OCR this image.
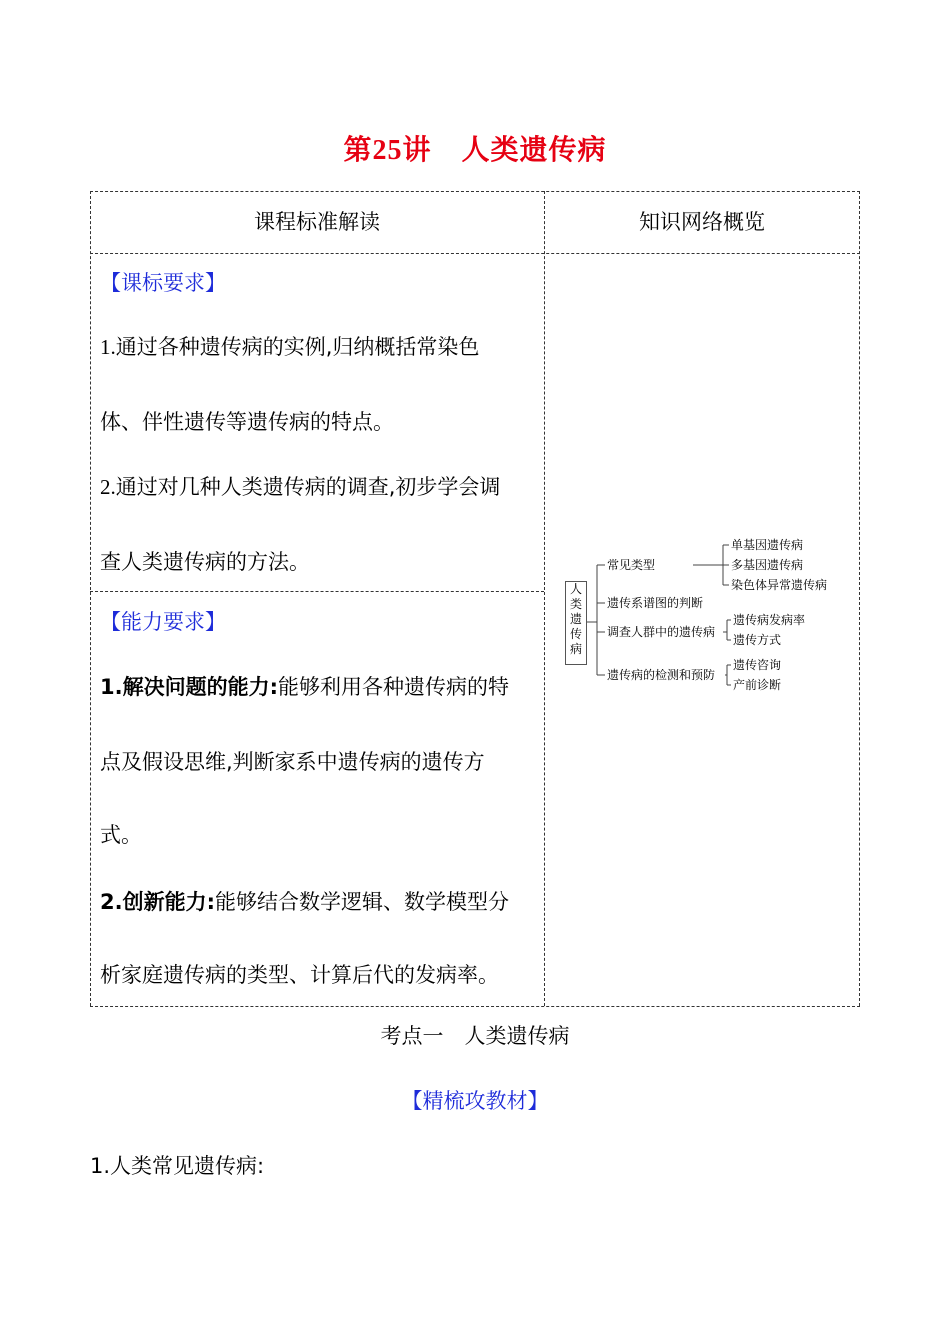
第25讲 人类遗传病
课程标准解读	知识网络概览
【课标要求】
1.通过各种遗传病的实例,归纳概括常染色
体、伴性遗传等遗传病的特点。
2.通过对几种人类遗传病的调查,初步学会调
查人类遗传病的方法。
【能力要求】
1.解决问题的能力:能够利用各种遗传病的特
点及假设思维,判断家系中遗传病的遗传方
式。
2.创新能力:能够结合数学逻辑、数学模型分
析家庭遗传病的类型、计算后代的发病率。
人
类
遗
传
病
常见类型
单基因遗传病
多基因遗传病
染色体异常遗传病
遗传系谱图的判断
调查人群中的遗传病
遗传病发病率
遗传方式
遗传病的检测和预防
遗传咨询
产前诊断
考点一　人类遗传病
【精梳攻教材】
1.人类常见遗传病:
